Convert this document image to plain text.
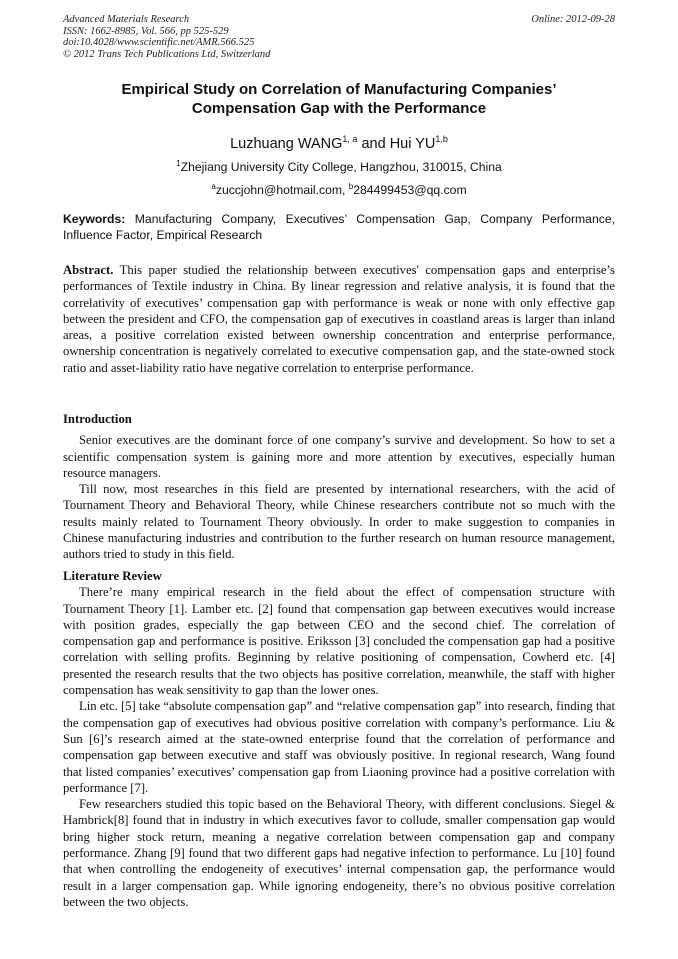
Advanced Materials Research
ISSN: 1662-8985, Vol. 566, pp 525-529
doi:10.4028/www.scientific.net/AMR.566.525
© 2012 Trans Tech Publications Ltd, Switzerland
Online: 2012-09-28
Empirical Study on Correlation of Manufacturing Companies’
Compensation Gap with the Performance
Luzhuang WANG$^{1, a}$ and Hui YU$^{1,b}$
$^1$Zhejiang University City College, Hangzhou, 310015, China
$^a$zuccjohn@hotmail.com, $^b$284499453@qq.com
Keywords: Manufacturing Company, Executives’ Compensation Gap, Company Performance, Influence Factor, Empirical Research

Abstract. This paper studied the relationship between executives' compensation gaps and enterprise’s performances of Textile industry in China. By linear regression and relative analysis, it is found that the correlativity of executives’ compensation gap with performance is weak or none with only effective gap between the president and CFO, the compensation gap of executives in coastland areas is larger than inland areas, a positive correlation existed between ownership concentration and enterprise performance, ownership concentration is negatively correlated to executive compensation gap, and the state-owned stock ratio and asset-liability ratio have negative correlation to enterprise performance.

Introduction

Senior executives are the dominant force of one company’s survive and development. So how to set a scientific compensation system is gaining more and more attention by executives, especially human resource managers.

Till now, most researches in this field are presented by international researchers, with the acid of Tournament Theory and Behavioral Theory, while Chinese researchers contribute not so much with the results mainly related to Tournament Theory obviously. In order to make suggestion to companies in Chinese manufacturing industries and contribution to the further research on human resource management, authors tried to study in this field.

Literature Review

There’re many empirical research in the field about the effect of compensation structure with Tournament Theory [1]. Lamber etc. [2] found that compensation gap between executives would increase with position grades, especially the gap between CEO and the second chief. The correlation of compensation gap and performance is positive. Eriksson [3] concluded the compensation gap had a positive correlation with selling profits. Beginning by relative positioning of compensation, Cowherd etc. [4] presented the research results that the two objects has positive correlation, meanwhile, the staff with higher compensation has weak sensitivity to gap than the lower ones.

Lin etc. [5] take “absolute compensation gap” and “relative compensation gap” into research, finding that the compensation gap of executives had obvious positive correlation with company’s performance. Liu & Sun [6]’s research aimed at the state-owned enterprise found that the correlation of performance and compensation gap between executive and staff was obviously positive. In regional research, Wang found that listed companies’ executives’ compensation gap from Liaoning province had a positive correlation with performance [7].

Few researchers studied this topic based on the Behavioral Theory, with different conclusions. Siegel & Hambrick[8] found that in industry in which executives favor to collude, smaller compensation gap would bring higher stock return, meaning a negative correlation between compensation gap and company performance. Zhang [9] found that two different gaps had negative infection to performance. Lu [10] found that when controlling the endogeneity of executives’ internal compensation gap, the performance would result in a larger compensation gap. While ignoring endogeneity, there’s no obvious positive correlation between the two objects.
